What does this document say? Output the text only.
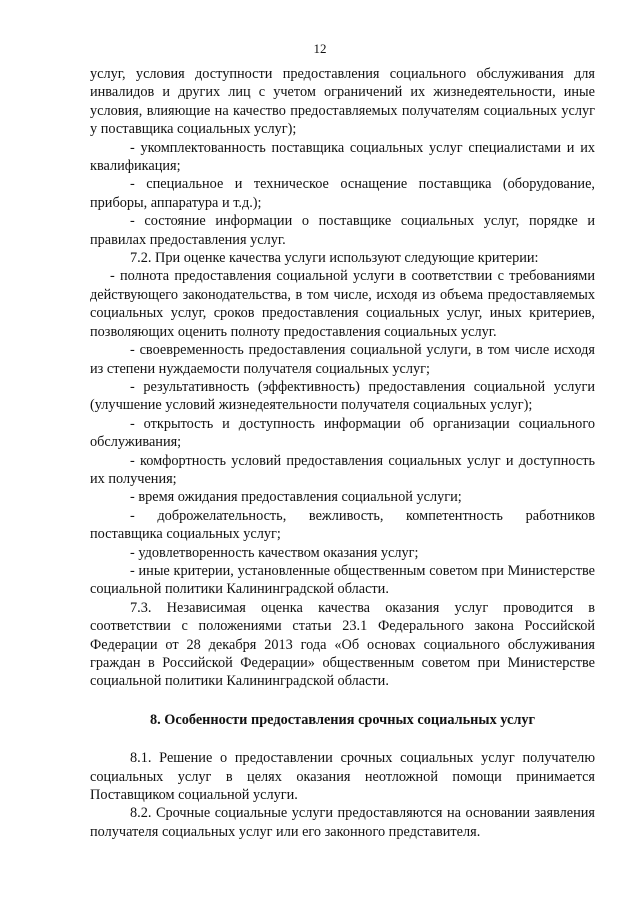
12

услуг, условия доступности предоставления социального обслуживания для инвалидов и других лиц с учетом ограничений их жизнедеятельности, иные условия, влияющие на качество предоставляемых получателям социальных услуг у поставщика социальных услуг);

- укомплектованность поставщика социальных услуг специалистами и их квалификация;

- специальное и техническое оснащение поставщика (оборудование, приборы, аппаратура и т.д.);

- состояние информации о поставщике социальных услуг, порядке и правилах предоставления услуг.

7.2. При оценке качества услуги используют следующие критерии:

- полнота предоставления социальной услуги в соответствии с требованиями действующего законодательства, в том числе, исходя из объема предоставляемых социальных услуг, сроков предоставления социальных услуг, иных критериев, позволяющих оценить полноту предоставления социальных услуг.

- своевременность предоставления социальной услуги, в том числе исходя из степени нуждаемости получателя социальных услуг;

- результативность (эффективность) предоставления социальной услуги (улучшение условий жизнедеятельности получателя социальных услуг);

- открытость и доступность информации об организации социального обслуживания;

- комфортность условий предоставления социальных услуг и доступность их получения;

- время ожидания предоставления социальной услуги;

- доброжелательность, вежливость, компетентность работников поставщика социальных услуг;

- удовлетворенность качеством оказания услуг;

- иные критерии, установленные общественным советом при Министерстве социальной политики Калининградской области.

7.3. Независимая оценка качества оказания услуг проводится в соответствии с положениями статьи 23.1 Федерального закона Российской Федерации от 28 декабря 2013 года «Об основах социального обслуживания граждан в Российской Федерации» общественным советом при Министерстве социальной политики Калининградской области.

8. Особенности предоставления срочных социальных услуг

8.1. Решение о предоставлении срочных социальных услуг получателю социальных услуг в целях оказания неотложной помощи принимается Поставщиком социальной услуги.

8.2. Срочные социальные услуги предоставляются на основании заявления получателя социальных услуг или его законного представителя.
